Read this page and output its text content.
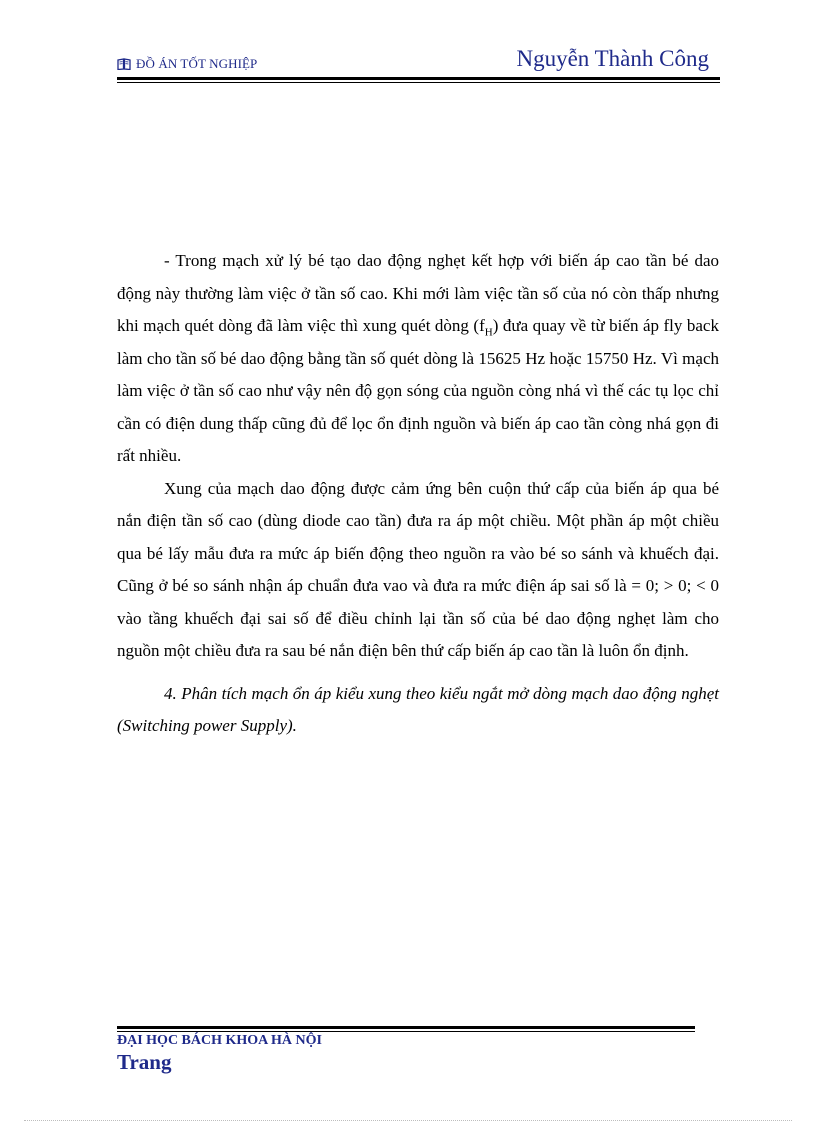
ĐỒ ÁN TỐT NGHIỆP	Nguyễn Thành Công

- Trong mạch xử lý bé tạo dao động nghẹt kết hợp với biến áp cao tần bé dao động này thường làm việc ở tần số cao. Khi mới làm việc tần số của nó còn thấp nhưng khi mạch quét dòng đã làm việc thì xung quét dòng $(f_H)$ đưa quay về từ biến áp fly back làm cho tần số bé dao động bằng tần số quét dòng là 15625 Hz hoặc 15750 Hz. Vì mạch làm việc ở tần số cao như vậy nên độ gọn sóng của nguồn còng nhá vì thế các tụ lọc chỉ cần có điện dung thấp cũng đủ để lọc ổn định nguồn và biến áp cao tần còng nhá gọn đi rất nhiều.

Xung của mạch dao động được cảm ứng bên cuộn thứ cấp của biến áp qua bé nắn điện tần số cao (dùng diode cao tần) đưa ra áp một chiều. Một phần áp một chiều qua bé lấy mẫu đưa ra mức áp biến động theo nguồn ra vào bé so sánh và khuếch đại. Cũng ở bé so sánh nhận áp chuẩn đưa vao và đưa ra mức điện áp sai số là = 0; > 0; < 0 vào tầng khuếch đại sai số để điều chỉnh lại tần số của bé dao động nghẹt làm cho nguồn một chiều đưa ra sau bé nắn điện bên thứ cấp biến áp cao tần là luôn ổn định.

4. Phân tích mạch ổn áp kiểu xung theo kiểu ngắt mở dòng mạch dao động nghẹt (Switching power Supply).

ĐẠI HỌC BÁCH KHOA HÀ NỘI
Trang
